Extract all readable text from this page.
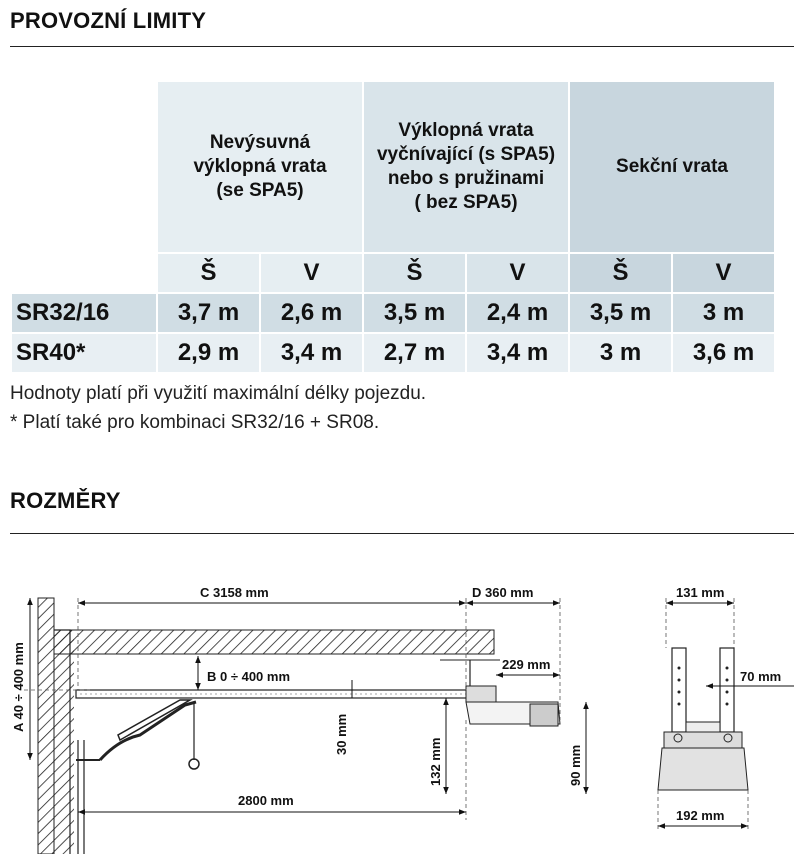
PROVOZNÍ LIMITY
	Nevýsuvná
výklopná vrata
(se SPA5)		Výklopná vrata
vyčnívající (s SPA5)
nebo s pružinami
( bez SPA5)		Sekční vrata	
	Š	V	Š	V	Š	V
SR32/16	3,7 m	2,6 m	3,5 m	2,4 m	3,5 m	3 m
SR40*	2,9 m	3,4 m	2,7 m	3,4 m	3 m	3,6 m
Hodnoty platí při využití maximální délky pojezdu.
* Platí také pro kombinaci SR32/16 + SR08.
ROZMĚRY
C 3158 mm	D 360 mm
229 mm
B 0 ÷ 400 mm
A 40 ÷ 400 mm
30 mm
132 mm	90 mm
2800 mm
131 mm
70 mm
192 mm
